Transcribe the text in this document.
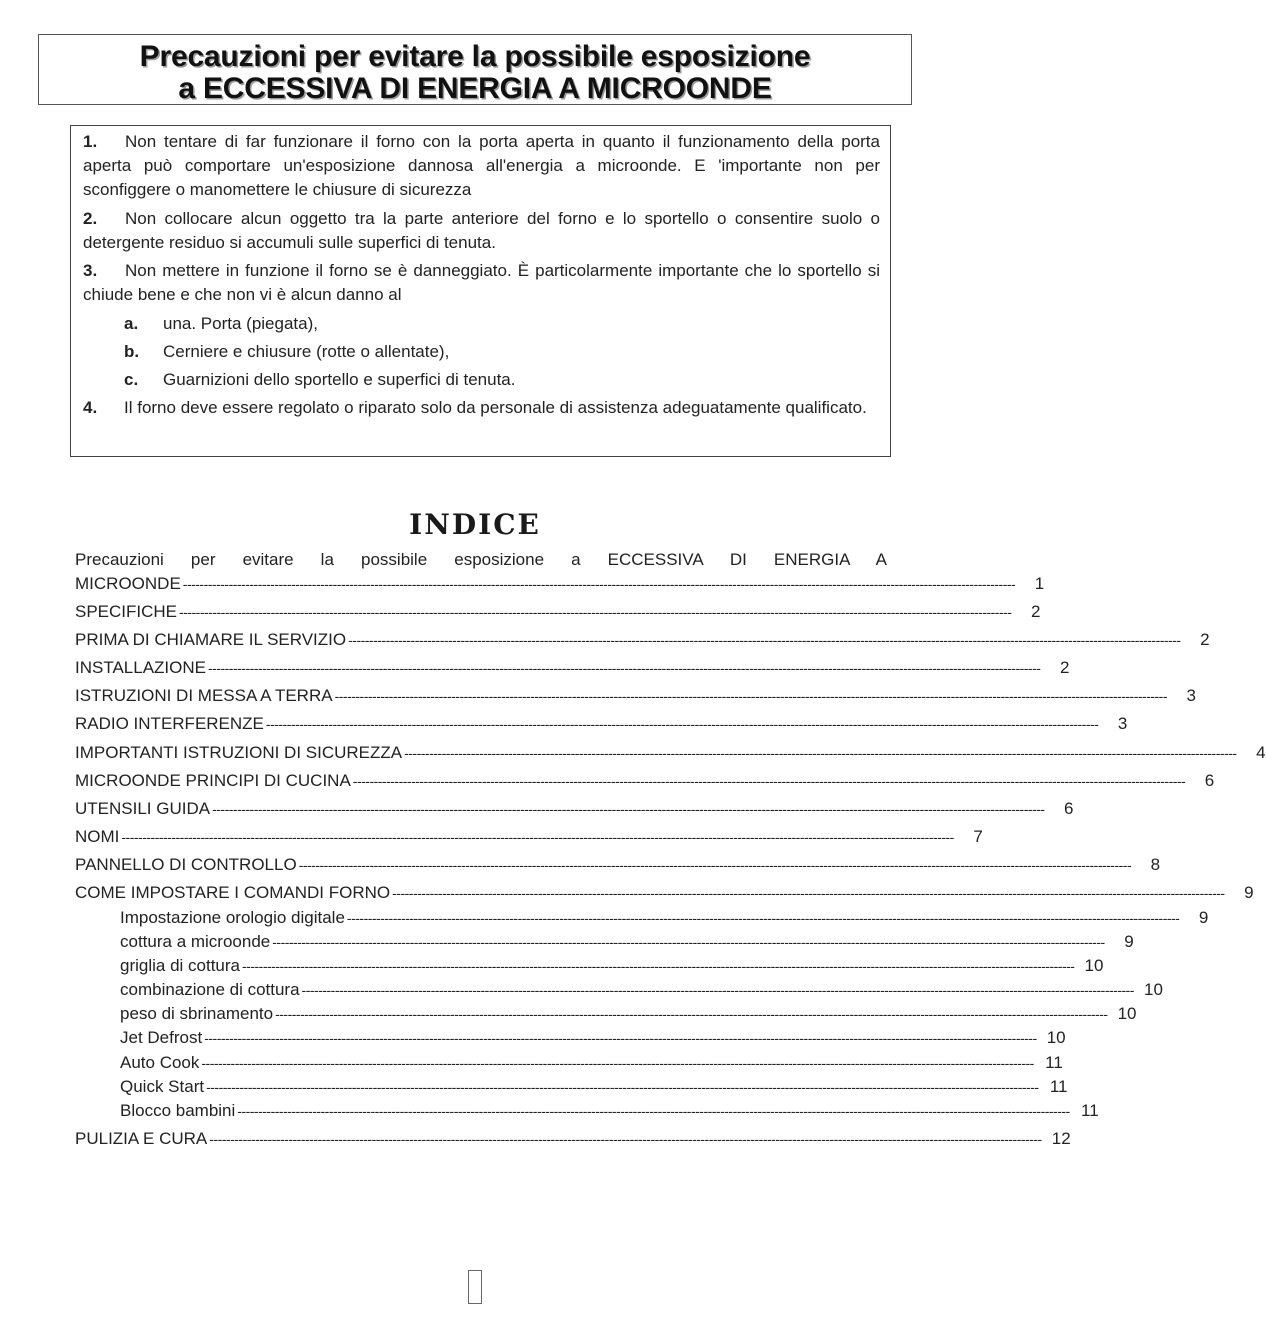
Precauzioni per evitare la possibile esposizione
a ECCESSIVA DI ENERGIA A MICROONDE

1. Non tentare di far funzionare il forno con la porta aperta in quanto il funzionamento della porta aperta può comportare un'esposizione dannosa all'energia a microonde. E 'importante non per sconfiggere o manomettere le chiusure di sicurezza

2. Non collocare alcun oggetto tra la parte anteriore del forno e lo sportello o consentire suolo o detergente residuo si accumuli sulle superfici di tenuta.

3. Non mettere in funzione il forno se è danneggiato. È particolarmente importante che lo sportello si chiude bene e che non vi è alcun danno al

a. una. Porta (piegata),
b. Cerniere e chiusure (rotte o allentate),
c. Guarnizioni dello sportello e superfici di tenuta.
4. Il forno deve essere regolato o riparato solo da personale di assistenza adeguatamente qualificato.
INDICE
Precauzioni per evitare la possibile esposizione a ECCESSIVA DI ENERGIA A
MICROONDE --------------------------------------------------------------------------------------------------------------------------------------------------------------------------------------------------------	1
SPECIFICHE --------------------------------------------------------------------------------------------------------------------------------------------------------------------------------------------------------	2
PRIMA DI CHIAMARE IL SERVIZIO --------------------------------------------------------------------------------------------------------------------------------------------------------------------------------------------------------	2
INSTALLAZIONE --------------------------------------------------------------------------------------------------------------------------------------------------------------------------------------------------------	2
ISTRUZIONI DI MESSA A TERRA --------------------------------------------------------------------------------------------------------------------------------------------------------------------------------------------------------	3
RADIO INTERFERENZE --------------------------------------------------------------------------------------------------------------------------------------------------------------------------------------------------------	3
IMPORTANTI ISTRUZIONI DI SICUREZZA --------------------------------------------------------------------------------------------------------------------------------------------------------------------------------------------------------	4
MICROONDE PRINCIPI DI CUCINA --------------------------------------------------------------------------------------------------------------------------------------------------------------------------------------------------------	6
UTENSILI GUIDA --------------------------------------------------------------------------------------------------------------------------------------------------------------------------------------------------------	6
NOMI --------------------------------------------------------------------------------------------------------------------------------------------------------------------------------------------------------	7
PANNELLO DI CONTROLLO --------------------------------------------------------------------------------------------------------------------------------------------------------------------------------------------------------	8
COME IMPOSTARE I COMANDI FORNO --------------------------------------------------------------------------------------------------------------------------------------------------------------------------------------------------------	9
Impostazione orologio digitale --------------------------------------------------------------------------------------------------------------------------------------------------------------------------------------------------------	9
cottura a microonde --------------------------------------------------------------------------------------------------------------------------------------------------------------------------------------------------------	9
griglia di cottura -------------------------------------------------------------------------------------------------------------------------------------------------------------------------------------------------------- 10
combinazione di cottura -------------------------------------------------------------------------------------------------------------------------------------------------------------------------------------------------------- 10
peso di sbrinamento -------------------------------------------------------------------------------------------------------------------------------------------------------------------------------------------------------- 10
Jet Defrost -------------------------------------------------------------------------------------------------------------------------------------------------------------------------------------------------------- 10
Auto Cook -------------------------------------------------------------------------------------------------------------------------------------------------------------------------------------------------------- 11
Quick Start -------------------------------------------------------------------------------------------------------------------------------------------------------------------------------------------------------- 11
Blocco bambini -------------------------------------------------------------------------------------------------------------------------------------------------------------------------------------------------------- 11
PULIZIA E CURA -------------------------------------------------------------------------------------------------------------------------------------------------------------------------------------------------------- 12
